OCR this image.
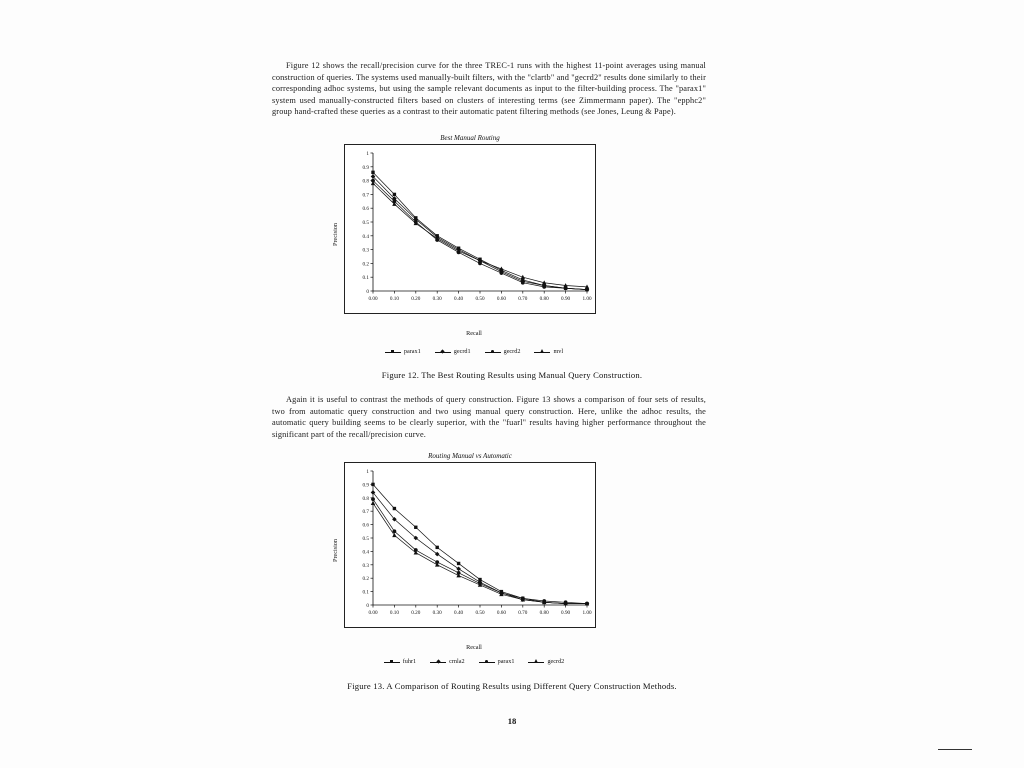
Figure 12 shows the recall/precision curve for the three TREC-1 runs with the highest 11-point averages using manual construction of queries. The systems used manually-built filters, with the "clartb" and "gecrd2" results done similarly to their corresponding adhoc systems, but using the sample relevant documents as input to the filter-building process. The "parax1" system used manually-constructed filters based on clusters of interesting terms (see Zimmermann paper). The "epphc2" group hand-crafted these queries as a contrast to their automatic patent filtering methods (see Jones, Leung & Pape).

Best Manual Routing
Precision
0
0.1
0.2
0.3
0.4
0.5
0.6
0.7
0.8
0.9
1
0.00 0.10 0.20 0.30 0.40 0.50 0.60 0.70 0.80 0.90 1.00
Recall
parax1	gecrd1	gecrd2	mvl
Figure 12. The Best Routing Results using Manual Query Construction.

Again it is useful to contrast the methods of query construction. Figure 13 shows a comparison of four sets of results, two from automatic query construction and two using manual query construction. Here, unlike the adhoc results, the automatic query building seems to be clearly superior, with the "fuarl" results having higher performance throughout the significant part of the recall/precision curve.

Routing Manual vs Automatic
Precision
0
0.1
0.2
0.3
0.4
0.5
0.6
0.7
0.8
0.9
1
0.00 0.10 0.20 0.30 0.40 0.50 0.60 0.70 0.80 0.90 1.00
Recall
fuhr1	crnla2	parax1	gecrd2
Figure 13. A Comparison of Routing Results using Different Query Construction Methods.
18
